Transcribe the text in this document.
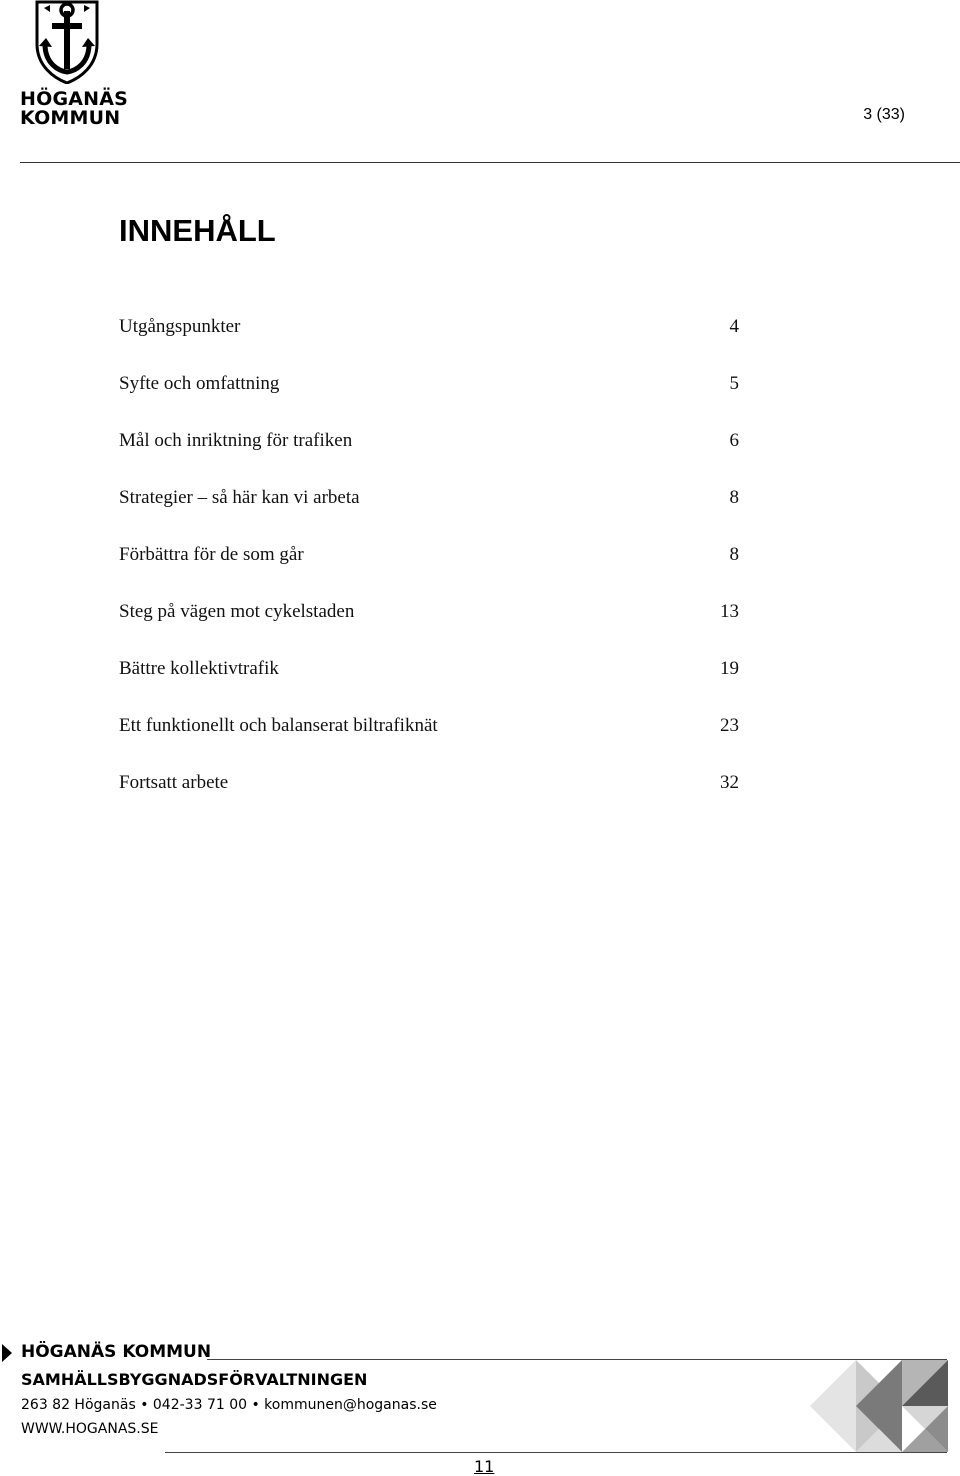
HÖGANÄS
KOMMUN	3 (33)
INNEHÅLL
Utgångspunkter	4
Syfte och omfattning	5
Mål och inriktning för trafiken	6
Strategier – så här kan vi arbeta	8
Förbättra för de som går	8
Steg på vägen mot cykelstaden	13
Bättre kollektivtrafik	19
Ett funktionellt och balanserat biltrafiknät	23
Fortsatt arbete	32
HÖGANÄS KOMMUN
SAMHÄLLSBYGGNADSFÖRVALTNINGEN
263 82 Höganäs • 042-33 71 00 • kommunen@hoganas.se
WWW.HOGANAS.SE
11
